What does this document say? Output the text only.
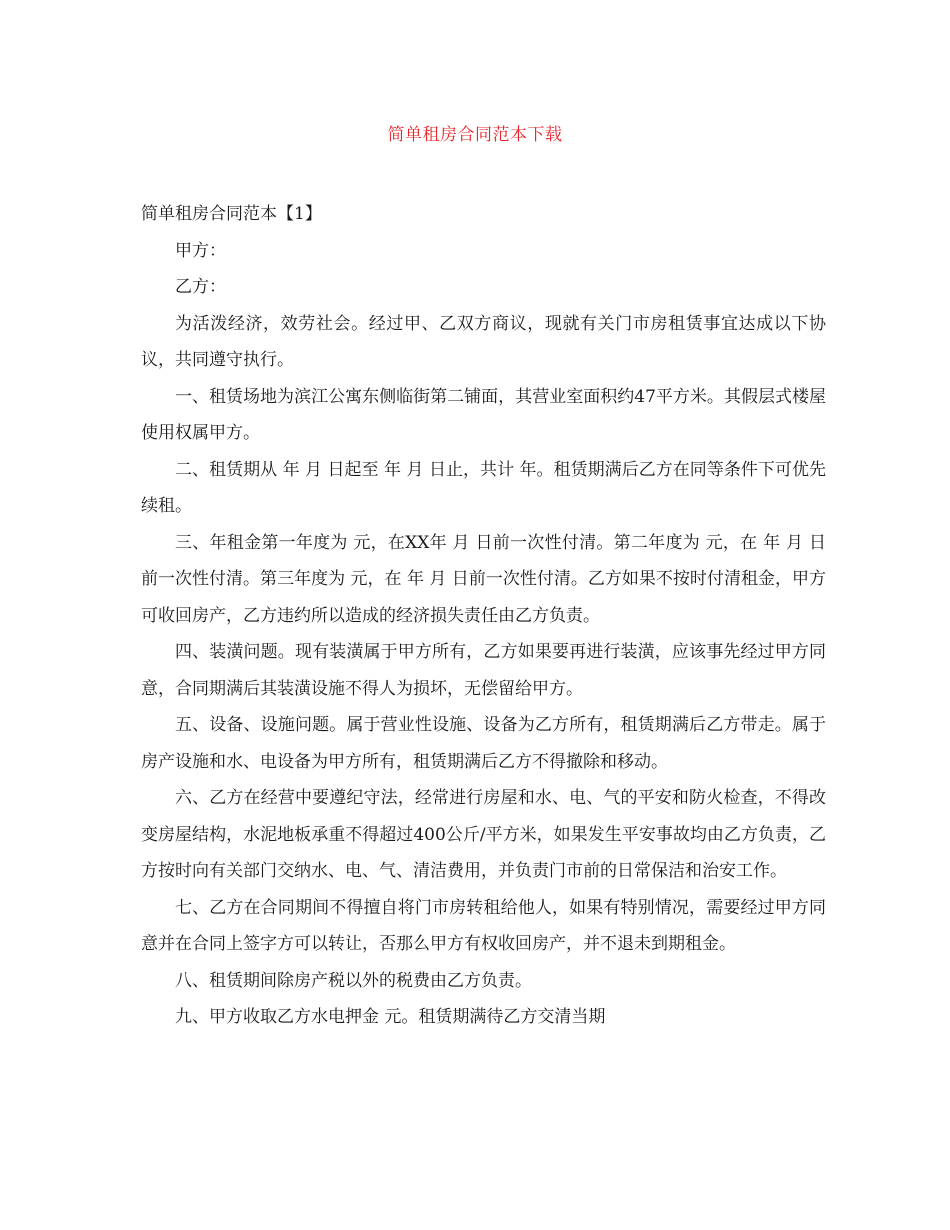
简单租房合同范本下载

简单租房合同范本【1】

甲方：

乙方：

为活泼经济，效劳社会。经过甲、乙双方商议，现就有关门市房租赁事宜达成以下协议，共同遵守执行。

一、租赁场地为滨江公寓东侧临街第二铺面，其营业室面积约47平方米。其假层式楼屋使用权属甲方。

二、租赁期从 年 月 日起至 年 月 日止，共计 年。租赁期满后乙方在同等条件下可优先续租。

三、年租金第一年度为 元，在XX年 月 日前一次性付清。第二年度为 元，在 年 月 日前一次性付清。第三年度为 元，在 年 月 日前一次性付清。乙方如果不按时付清租金，甲方可收回房产，乙方违约所以造成的经济损失责任由乙方负责。

四、装潢问题。现有装潢属于甲方所有，乙方如果要再进行装潢，应该事先经过甲方同意，合同期满后其装潢设施不得人为损坏，无偿留给甲方。

五、设备、设施问题。属于营业性设施、设备为乙方所有，租赁期满后乙方带走。属于房产设施和水、电设备为甲方所有，租赁期满后乙方不得撤除和移动。

六、乙方在经营中要遵纪守法，经常进行房屋和水、电、气的平安和防火检查，不得改变房屋结构，水泥地板承重不得超过400公斤/平方米，如果发生平安事故均由乙方负责，乙方按时向有关部门交纳水、电、气、清洁费用，并负责门市前的日常保洁和治安工作。

七、乙方在合同期间不得擅自将门市房转租给他人，如果有特别情况，需要经过甲方同意并在合同上签字方可以转让，否那么甲方有权收回房产，并不退未到期租金。

八、租赁期间除房产税以外的税费由乙方负责。

九、甲方收取乙方水电押金 元。租赁期满待乙方交清当期
